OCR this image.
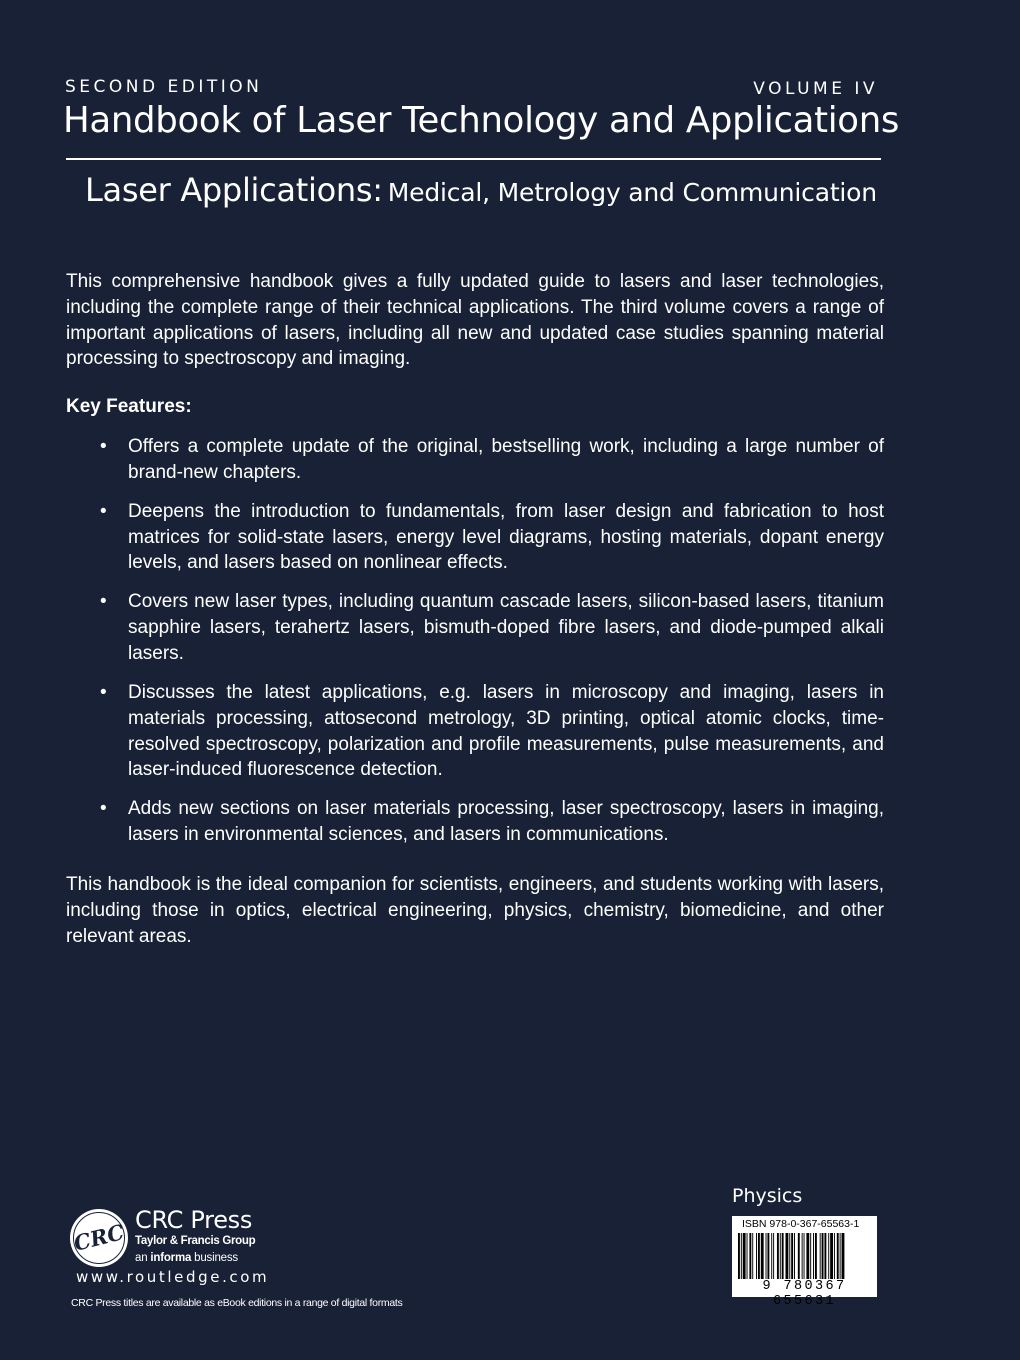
SECOND EDITION	VOLUME IV
Handbook of Laser Technology and Applications
Laser Applications: Medical, Metrology and Communication

This comprehensive handbook gives a fully updated guide to lasers and laser technologies, including the complete range of their technical applications. The third volume covers a range of important applications of lasers, including all new and updated case studies spanning material processing to spectroscopy and imaging.

Key Features:
• Offers a complete update of the original, bestselling work, including a large number of brand-new chapters.
• Deepens the introduction to fundamentals, from laser design and fabrication to host matrices for solid-state lasers, energy level diagrams, hosting materials, dopant energy levels, and lasers based on nonlinear effects.
• Covers new laser types, including quantum cascade lasers, silicon-based lasers, titanium sapphire lasers, terahertz lasers, bismuth-doped fibre lasers, and diode-pumped alkali lasers.
• Discusses the latest applications, e.g. lasers in microscopy and imaging, lasers in materials processing, attosecond metrology, 3D printing, optical atomic clocks, time-resolved spectroscopy, polarization and profile measurements, pulse measurements, and laser-induced fluorescence detection.
• Adds new sections on laser materials processing, laser spectroscopy, lasers in imaging, lasers in environmental sciences, and lasers in communications.

This handbook is the ideal companion for scientists, engineers, and students working with lasers, including those in optics, electrical engineering, physics, chemistry, biomedicine, and other relevant areas.

Physics
ISBN 978-0-367-65563-1
9 780367 655631
CRC CRC Press
Taylor & Francis Group
an informa business
www.routledge.com
CRC Press titles are available as eBook editions in a range of digital formats
